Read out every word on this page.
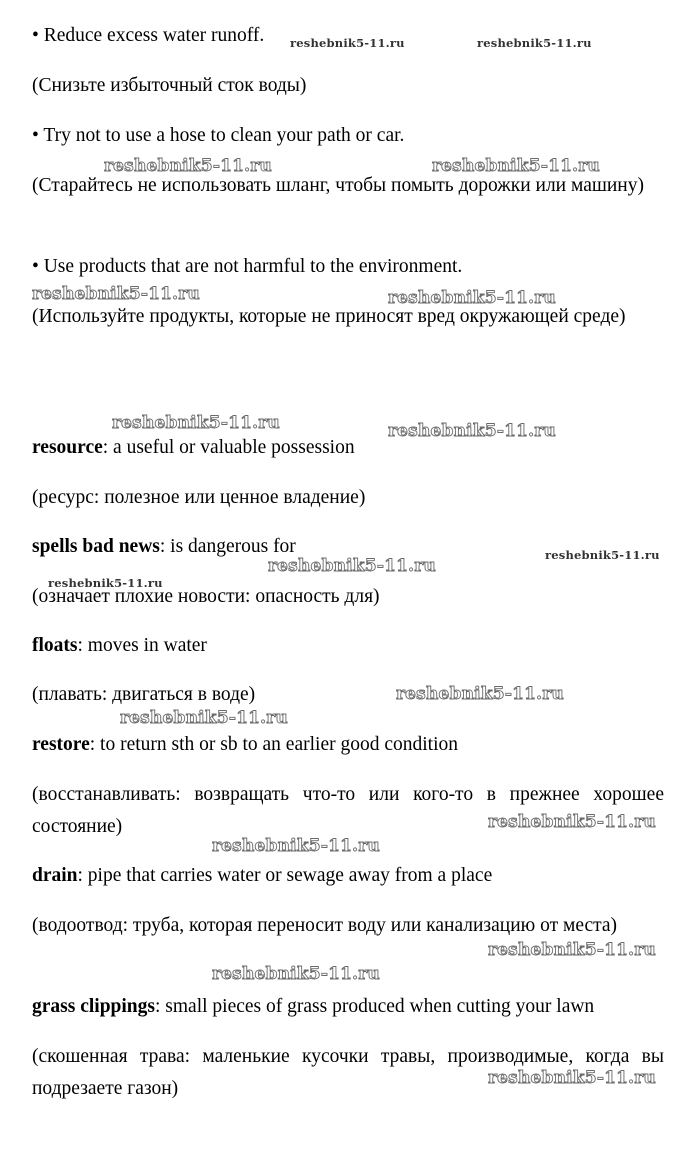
• Reduce excess water runoff.

(Снизьте избыточный сток воды)

• Try not to use a hose to clean your path or car.

(Старайтесь не использовать шланг, чтобы помыть дорожки или машину)

• Use products that are not harmful to the environment.

(Используйте продукты, которые не приносят вред окружающей среде)

resource: a useful or valuable possession

(ресурс: полезное или ценное владение)

spells bad news: is dangerous for

(означает плохие новости: опасность для)

floats: moves in water

(плавать: двигаться в воде)

restore: to return sth or sb to an earlier good condition

(восстанавливать: возвращать что-то или кого-то в прежнее хорошее состояние)

drain: pipe that carries water or sewage away from a place

(водоотвод: труба, которая переносит воду или канализацию от места)

grass clippings: small pieces of grass produced when cutting your lawn

(скошенная трава: маленькие кусочки травы, производимые, когда вы подрезаете газон)

reshebnik5-11.ru	reshebnik5-11.ru
reshebnik5-11.ru	reshebnik5-11.ru
reshebnik5-11.ru	reshebnik5-11.ru
reshebnik5-11.ru	reshebnik5-11.ru
reshebnik5-11.ru
reshebnik5-11.ru
reshebnik5-11.ru
reshebnik5-11.ru
reshebnik5-11.ru
reshebnik5-11.ru
reshebnik5-11.ru
reshebnik5-11.ru
reshebnik5-11.ru
reshebnik5-11.ru
